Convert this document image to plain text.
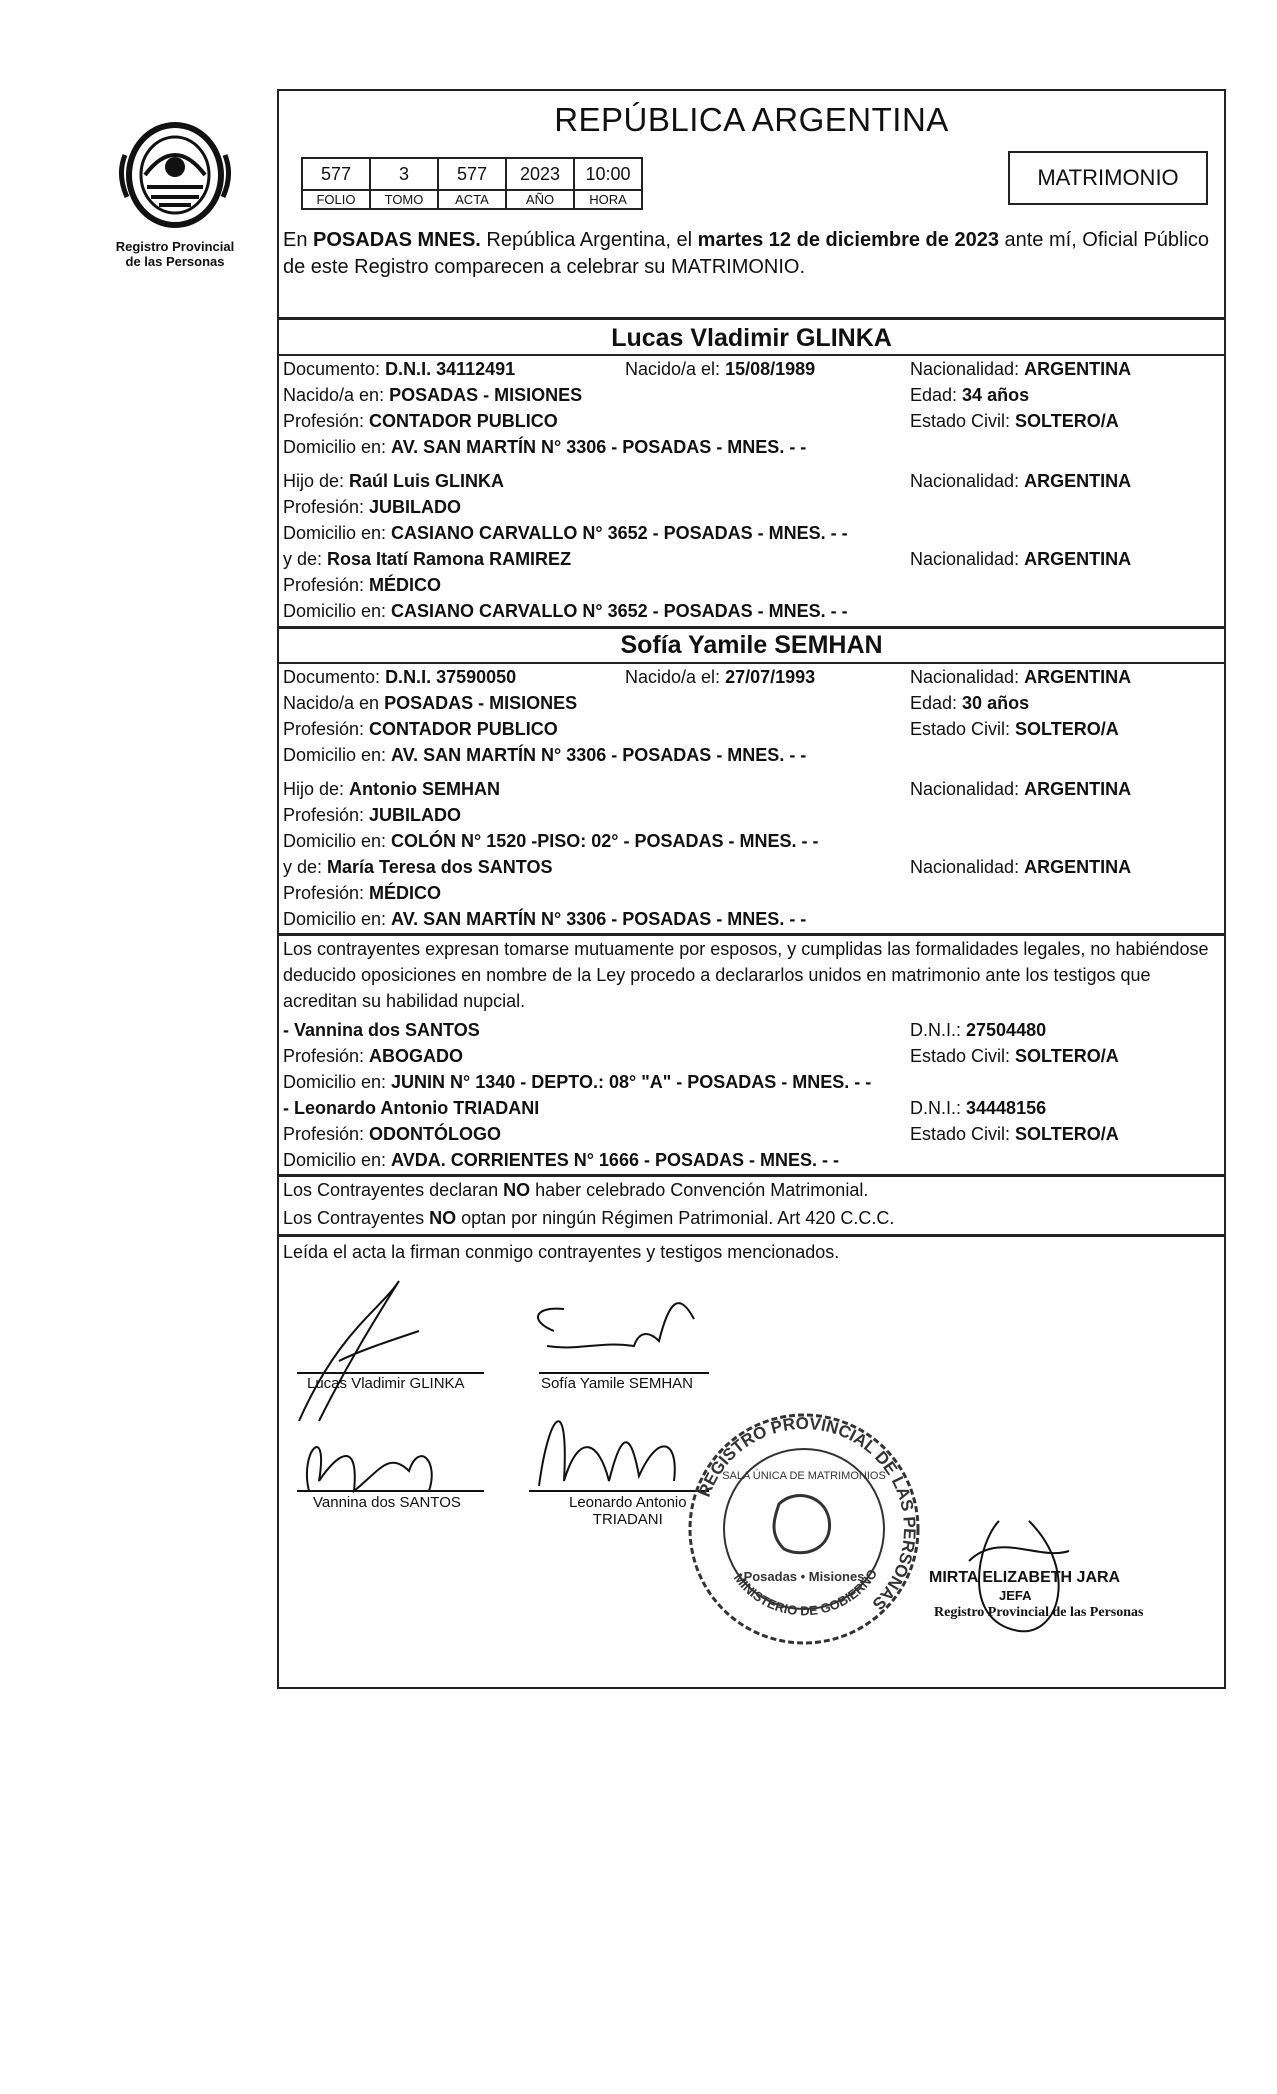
Registro Provincial
de las Personas
REPÚBLICA ARGENTINA
577	3	577	2023	10:00
FOLIO	TOMO	ACTA	AÑO	HORA
MATRIMONIO
En POSADAS MNES. República Argentina, el martes 12 de diciembre de 2023 ante mí, Oficial Público de este Registro comparecen a celebrar su MATRIMONIO.
Lucas Vladimir GLINKA
Documento: D.N.I. 34112491	Nacido/a el: 15/08/1989	Nacionalidad: ARGENTINA
Nacido/a en: POSADAS - MISIONES	Edad: 34 años
Profesión: CONTADOR PUBLICO	Estado Civil: SOLTERO/A
Domicilio en: AV. SAN MARTÍN N° 3306 - POSADAS - MNES. - -
Hijo de: Raúl Luis GLINKA	Nacionalidad: ARGENTINA
Profesión: JUBILADO
Domicilio en: CASIANO CARVALLO N° 3652 - POSADAS - MNES. - -
y de: Rosa Itatí Ramona RAMIREZ	Nacionalidad: ARGENTINA
Profesión: MÉDICO
Domicilio en: CASIANO CARVALLO N° 3652 - POSADAS - MNES. - -
Sofía Yamile SEMHAN
Documento: D.N.I. 37590050	Nacido/a el: 27/07/1993	Nacionalidad: ARGENTINA
Nacido/a en POSADAS - MISIONES	Edad: 30 años
Profesión: CONTADOR PUBLICO	Estado Civil: SOLTERO/A
Domicilio en: AV. SAN MARTÍN N° 3306 - POSADAS - MNES. - -
Hijo de: Antonio SEMHAN	Nacionalidad: ARGENTINA
Profesión: JUBILADO
Domicilio en: COLÓN N° 1520 -PISO: 02° - POSADAS - MNES. - -
y de: María Teresa dos SANTOS	Nacionalidad: ARGENTINA
Profesión: MÉDICO
Domicilio en: AV. SAN MARTÍN N° 3306 - POSADAS - MNES. - -
Los contrayentes expresan tomarse mutuamente por esposos, y cumplidas las formalidades legales, no habiéndose deducido oposiciones en nombre de la Ley procedo a declararlos unidos en matrimonio ante los testigos que acreditan su habilidad nupcial.
- Vannina dos SANTOS	D.N.I.: 27504480
Profesión: ABOGADO	Estado Civil: SOLTERO/A
Domicilio en: JUNIN N° 1340 - DEPTO.: 08° "A" - POSADAS - MNES. - -
- Leonardo Antonio TRIADANI	D.N.I.: 34448156
Profesión: ODONTÓLOGO	Estado Civil: SOLTERO/A
Domicilio en: AVDA. CORRIENTES N° 1666 - POSADAS - MNES. - -
Los Contrayentes declaran NO haber celebrado Convención Matrimonial.
Los Contrayentes NO optan por ningún Régimen Patrimonial. Art 420 C.C.C.
Leída el acta la firman conmigo contrayentes y testigos mencionados.
Lucas Vladimir GLINKA	Sofía Yamile SEMHAN
Vannina dos SANTOS	Leonardo Antonio
TRIADANI
REGISTRO PROVINCIAL DE LAS PERSONAS
MINISTERIO DE GOBIERNO
SALA ÚNICA DE MATRIMONIOS
Posadas • Misiones	MIRTA ELIZABETH JARA
JEFA
Registro Provincial de las Personas
